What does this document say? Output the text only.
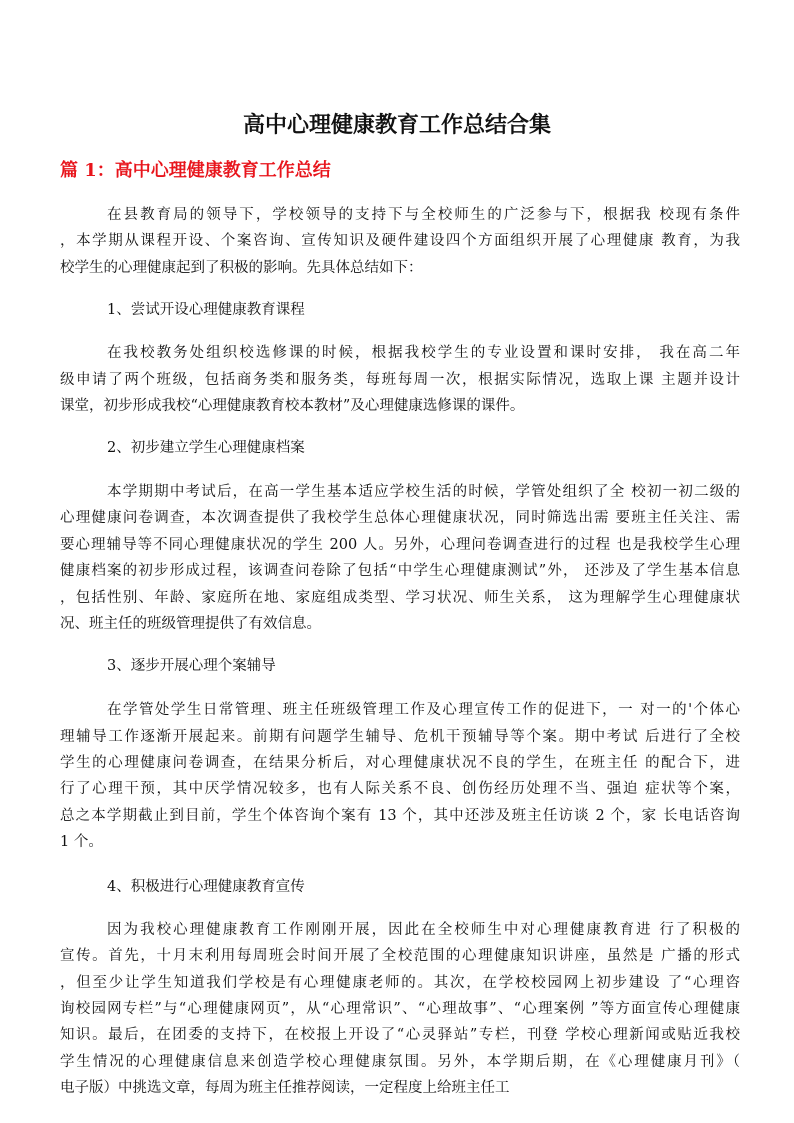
高中心理健康教育工作总结合集
篇 1：高中心理健康教育工作总结
在县教育局的领导下，学校领导的支持下与全校师生的广泛参与下，根据我 校现有条件
，本学期从课程开设、个案咨询、宣传知识及硬件建设四个方面组织开展了心理健康 教育，为我
校学生的心理健康起到了积极的影响。先具体总结如下：
1、尝试开设心理健康教育课程
在我校教务处组织校选修课的时候，根据我校学生的专业设置和课时安排， 我在高二年
级申请了两个班级，包括商务类和服务类，每班每周一次，根据实际情况，选取上课 主题并设计
课堂，初步形成我校“心理健康教育校本教材”及心理健康选修课的课件。
2、初步建立学生心理健康档案
本学期期中考试后，在高一学生基本适应学校生活的时候，学管处组织了全 校初一初二级的
心理健康问卷调查，本次调查提供了我校学生总体心理健康状况，同时筛选出需 要班主任关注、需
要心理辅导等不同心理健康状况的学生 200 人。另外，心理问卷调查进行的过程 也是我校学生心理
健康档案的初步形成过程，该调查问卷除了包括“中学生心理健康测试”外， 还涉及了学生基本信息
，包括性别、年龄、家庭所在地、家庭组成类型、学习状况、师生关系， 这为理解学生心理健康状
况、班主任的班级管理提供了有效信息。
3、逐步开展心理个案辅导
在学管处学生日常管理、班主任班级管理工作及心理宣传工作的促进下，一 对一的'个体心
理辅导工作逐渐开展起来。前期有问题学生辅导、危机干预辅导等个案。期中考试 后进行了全校
学生的心理健康问卷调查，在结果分析后，对心理健康状况不良的学生，在班主任 的配合下，进
行了心理干预，其中厌学情况较多，也有人际关系不良、创伤经历处理不当、强迫 症状等个案，
总之本学期截止到目前，学生个体咨询个案有 13 个，其中还涉及班主任访谈 2 个，家 长电话咨询
1 个。
4、积极进行心理健康教育宣传
因为我校心理健康教育工作刚刚开展，因此在全校师生中对心理健康教育进 行了积极的
宣传。首先，十月末利用每周班会时间开展了全校范围的心理健康知识讲座，虽然是 广播的形式
，但至少让学生知道我们学校是有心理健康老师的。其次，在学校校园网上初步建设 了“心理咨
询校园网专栏”与“心理健康网页”，从“心理常识”、“心理故事”、“心理案例 ”等方面宣传心理健康
知识。最后，在团委的支持下，在校报上开设了“心灵驿站”专栏，刊登 学校心理新闻或贴近我校
学生情况的心理健康信息来创造学校心理健康氛围。另外，本学期后期，在《心理健康月刊》（
电子版）中挑选文章，每周为班主任推荐阅读，一定程度上给班主任工
